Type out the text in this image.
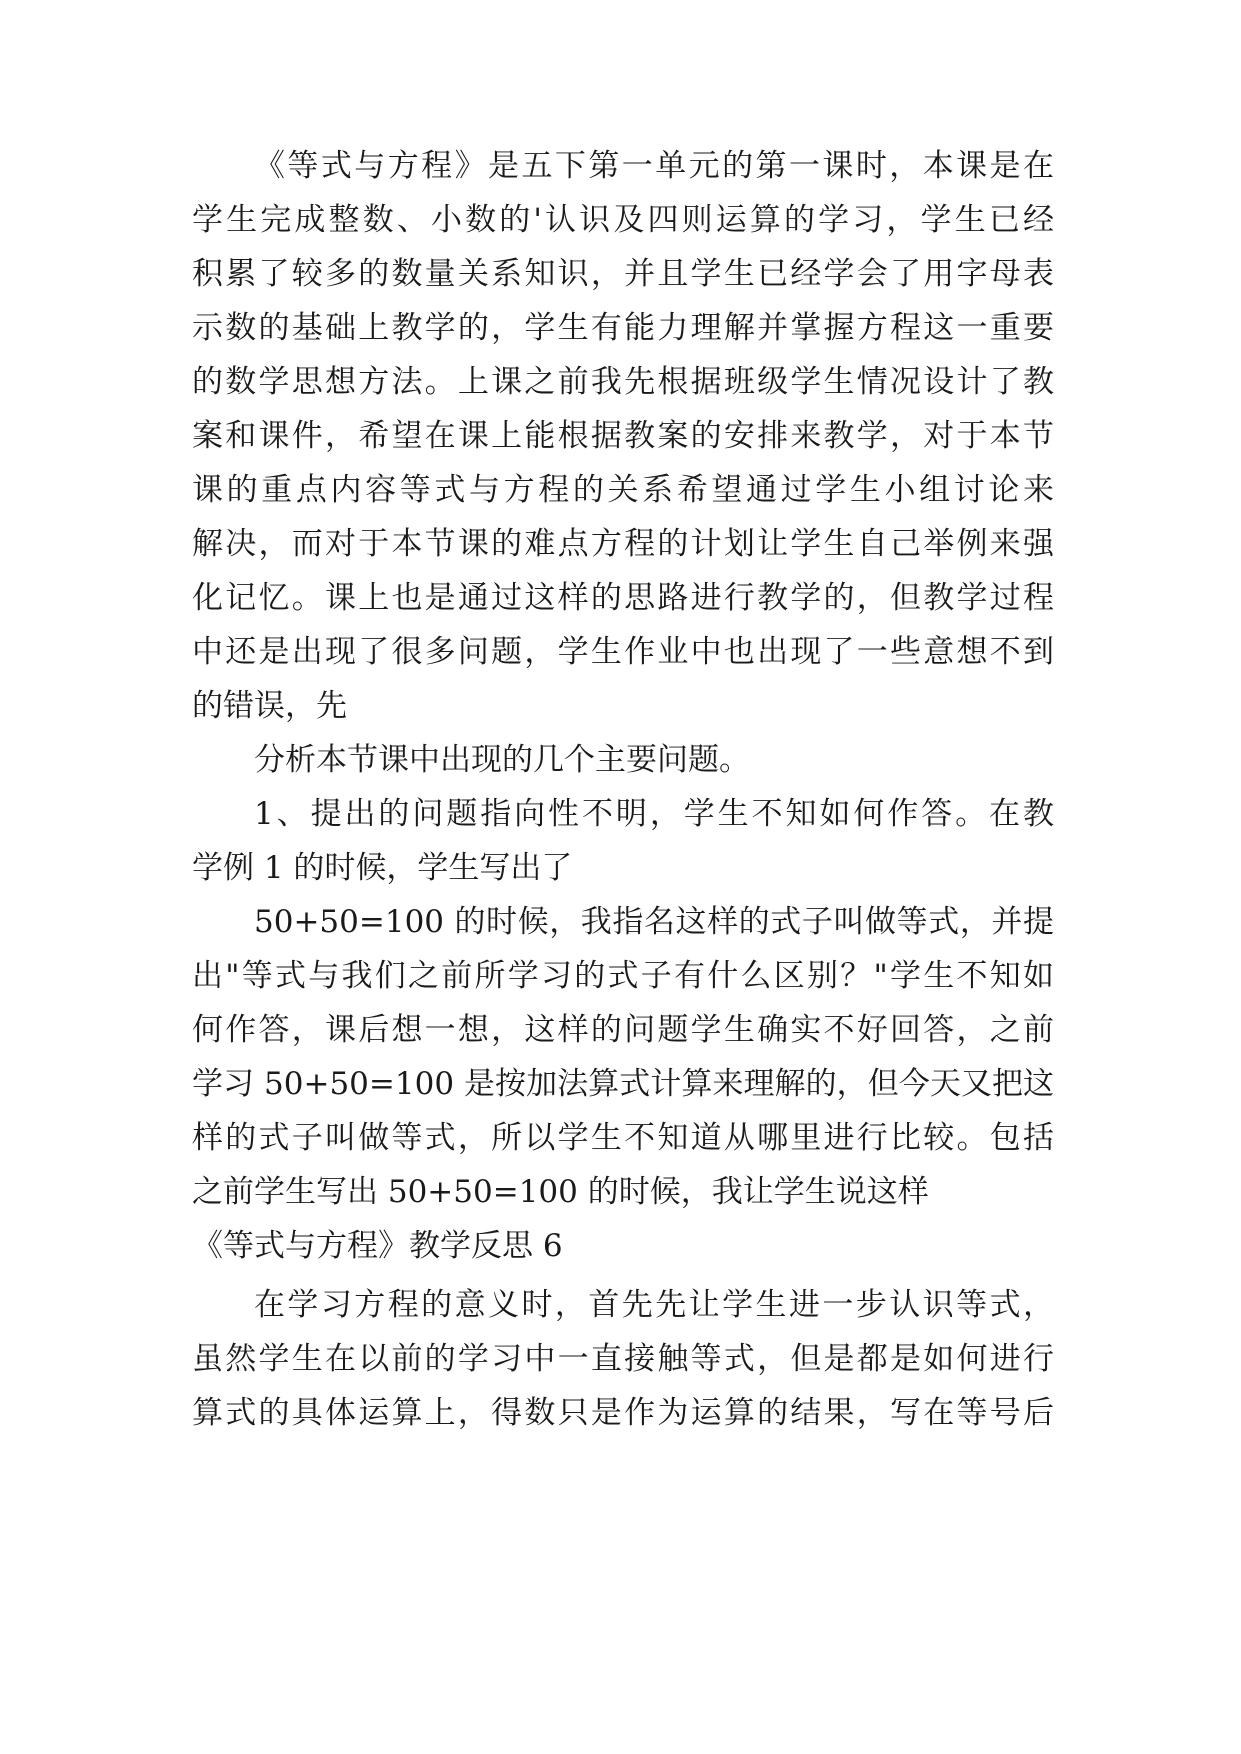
《等式与方程》是五下第一单元的第一课时，本课是在
学生完成整数、小数的'认识及四则运算的学习，学生已经
积累了较多的数量关系知识，并且学生已经学会了用字母表
示数的基础上教学的，学生有能力理解并掌握方程这一重要
的数学思想方法。上课之前我先根据班级学生情况设计了教
案和课件，希望在课上能根据教案的安排来教学，对于本节
课的重点内容等式与方程的关系希望通过学生小组讨论来
解决，而对于本节课的难点方程的计划让学生自己举例来强
化记忆。课上也是通过这样的思路进行教学的，但教学过程
中还是出现了很多问题，学生作业中也出现了一些意想不到
的错误，先
分析本节课中出现的几个主要问题。
1、提出的问题指向性不明，学生不知如何作答。在教
学例 1 的时候，学生写出了
50+50=100 的时候，我指名这样的式子叫做等式，并提
出"等式与我们之前所学习的式子有什么区别？"学生不知如
何作答，课后想一想，这样的问题学生确实不好回答，之前
学习 50+50=100 是按加法算式计算来理解的，但今天又把这
样的式子叫做等式，所以学生不知道从哪里进行比较。包括
之前学生写出 50+50=100 的时候，我让学生说这样
《等式与方程》教学反思 6
在学习方程的意义时，首先先让学生进一步认识等式，
虽然学生在以前的学习中一直接触等式，但是都是如何进行
算式的具体运算上，得数只是作为运算的结果，写在等号后
